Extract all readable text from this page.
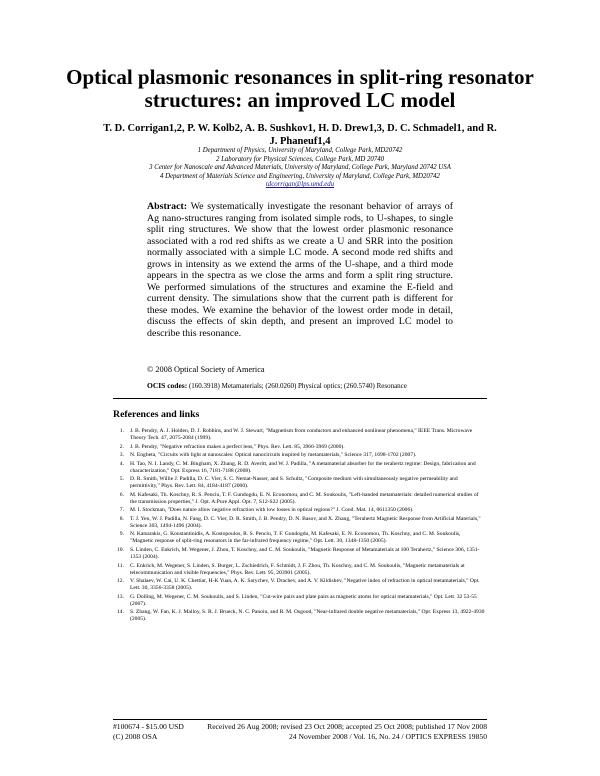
Optical plasmonic resonances in split-ring resonator structures: an improved LC model
T. D. Corrigan1,2, P. W. Kolb2, A. B. Sushkov1, H. D. Drew1,3, D. C. Schmadel1, and R. J. Phaneuf1,4
1 Department of Physics, University of Maryland, College Park, MD20742
2 Laboratory for Physical Sciences, College Park, MD 20740
3 Center for Nanoscale and Advanced Materials, University of Maryland, College Park, Maryland 20742 USA
4 Department of Materials Science and Engineering, University of Maryland, College Park, MD20742
tdcorrigan@lps.umd.edu
Abstract: We systematically investigate the resonant behavior of arrays of Ag nano-structures ranging from isolated simple rods, to U-shapes, to single split ring structures. We show that the lowest order plasmonic resonance associated with a rod red shifts as we create a U and SRR into the position normally associated with a simple LC mode. A second mode red shifts and grows in intensity as we extend the arms of the U-shape, and a third mode appears in the spectra as we close the arms and form a split ring structure. We performed simulations of the structures and examine the E-field and current density. The simulations show that the current path is different for these modes. We examine the behavior of the lowest order mode in detail, discuss the effects of skin depth, and present an improved LC model to describe this resonance.
© 2008 Optical Society of America
OCIS codes: (160.3918) Metamaterials; (260.0260) Physical optics; (260.5740) Resonance
References and links
1. J. B. Pendry, A. J. Holden, D. J. Robbins, and W. J. Stewart, "Magnetism from conductors and enhanced nonlinear phenomena," IEEE Trans. Microwave Theory Tech. 47, 2075-2084 (1999).
2. J. B. Pendry, "Negative refraction makes a perfect lens," Phys. Rev. Lett. 85, 3966-3969 (2000).
3. N. Engheta, "Circuits with light at nanoscales: Optical nanocircuits inspired by metamaterials," Science 317, 1698-1702 (2007).
4. H. Tao, N. I. Landy, C. M. Bingham, X. Zhang, R. D. Averitt, and W. J. Padilla, "A metamaterial absorber for the terahertz regime: Design, fabrication and characterization," Opt. Express 16, 7181-7188 (2008).
5. D. R. Smith, Willie J. Padilla, D. C. Vier, S. C. Nemat-Nasser, and S. Schultz, "Composite medium with simultaneously negative permeability and permittivity," Phys. Rev. Lett. 84, 4184-4187 (2000).
6. M. Kafesaki, Th. Koschny, R. S. Penciu, T. F. Gundogdu, E. N. Economou, and C. M. Soukoulis, "Left-handed metamaterials: detailed numerical studies of the transmission properties," J. Opt. A:Pure Appl. Opt. 7, S12-S22 (2005).
7. M. I. Stockman, "Does nature allow negative refraction with low losses in optical regions?" J. Cond. Mat. 14, 0611350 (2006).
8. T. J. Yen, W. J. Padilla, N. Fang, D. C. Vier, D. R. Smith, J. B. Pendry, D. N. Basov, and X. Zhang, "Terahertz Magnetic Response from Artificial Materials," Science 303, 1494-1496 (2004).
9. N. Katsarakis, G. Konstantinidis, A. Kostopoulos, R. S. Penciu, T. F. Gundogdu, M. Kafesaki, E. N. Economou, Th. Koschny, and C. M. Soukoulis, "Magnetic response of split-ring resonators in the far-infrared frequency regime," Opt. Lett. 30, 1348-1350 (2005).
10. S. Linden, C. Enkrich, M. Wegener, J. Zhou, T. Koschny, and C. M. Soukoulis, "Magnetic Response of Metamaterials at 100 Terahertz," Science 306, 1351-1353 (2004).
11. C. Enkrich, M. Wegener, S. Linden, S. Burger, L. Zschiedrich, F. Schmidt, J. F. Zhou, Th. Koschny, and C. M. Soukoulis, "Magnetic metamaterials at telecommunication and visible frequencies," Phys. Rev. Lett. 95, 203901 (2005).
12. V. Shalaev, W. Cai, U. K. Chettiar, H-K Yuan, A. K. Sarychev, V. Drachev, and A. V. Kildishev, "Negative index of refraction in optical metamaterials," Opt. Lett. 30, 3356-3358 (2005).
13. G. Dolling, M. Wegener, C. M. Soukoulis, and S. Linden, "Cut-wire pairs and plate pairs as magnetic atoms for optical metamaterials," Opt. Lett. 32 53-55 (2007).
14. S. Zhang, W. Fan, K. J. Malloy, S. R. J. Brueck, N. C. Panoiu, and R. M. Osgood, "Near-infrared double negative metamaterials," Opt. Express 13, 4922-4930 (2005).
#100674 - $15.00 USD	Received 26 Aug 2008; revised 23 Oct 2008; accepted 25 Oct 2008; published 17 Nov 2008
(C) 2008 OSA	24 November 2008 / Vol. 16, No. 24 / OPTICS EXPRESS 19850
